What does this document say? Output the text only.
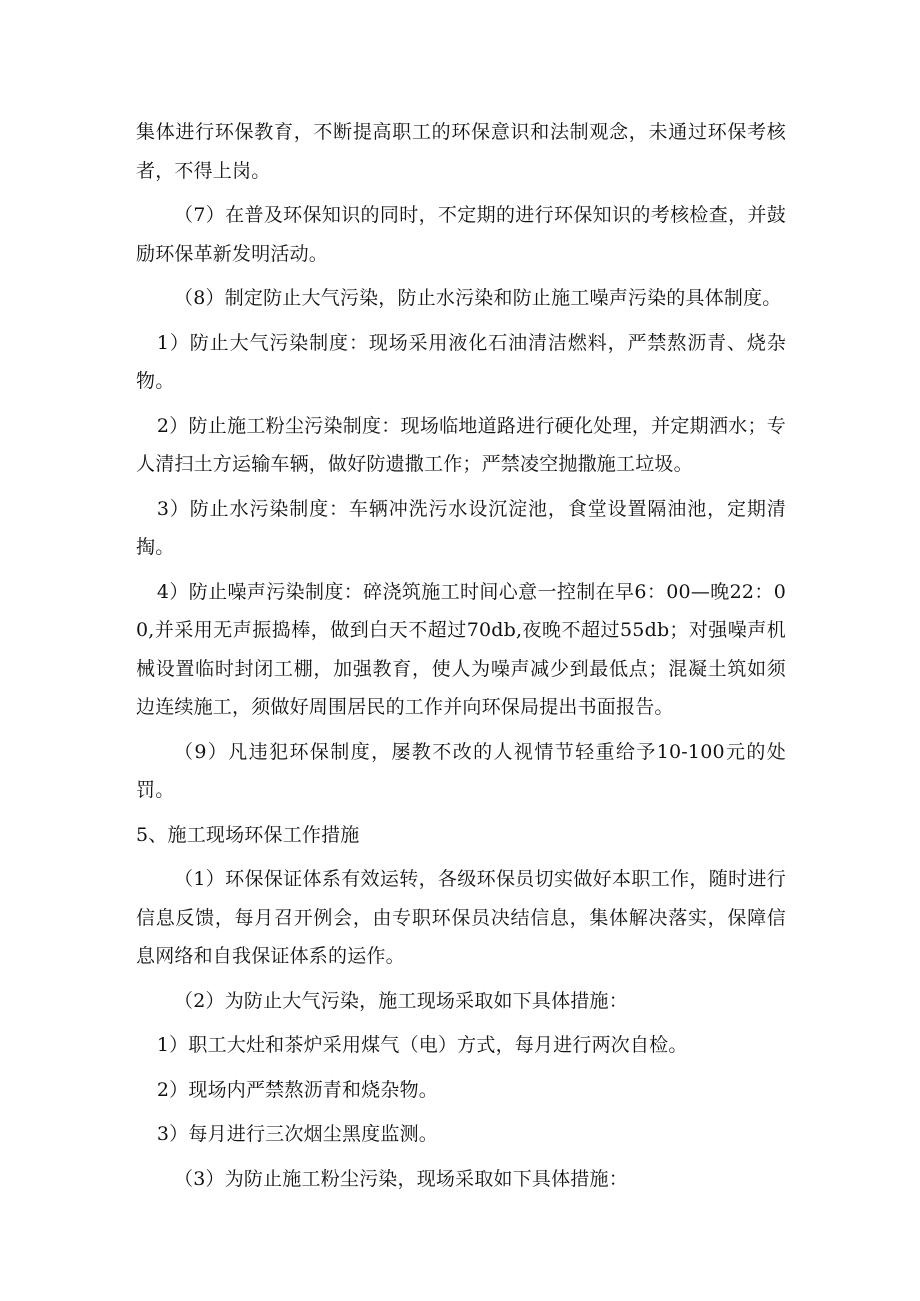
集体进行环保教育，不断提高职工的环保意识和法制观念，未通过环保考核者，不得上岗。

（7）在普及环保知识的同时，不定期的进行环保知识的考核检查，并鼓励环保革新发明活动。

（8）制定防止大气污染，防止水污染和防止施工噪声污染的具体制度。

1）防止大气污染制度：现场采用液化石油清洁燃料，严禁熬沥青、烧杂物。

2）防止施工粉尘污染制度：现场临地道路进行硬化处理，并定期洒水；专人清扫土方运输车辆，做好防遗撒工作；严禁凌空抛撒施工垃圾。

3）防止水污染制度：车辆冲洗污水设沉淀池，食堂设置隔油池，定期清掏。

4）防止噪声污染制度：碎浇筑施工时间心意一控制在早6：00—晚22：00,并采用无声振捣棒，做到白天不超过70db,夜晚不超过55db；对强噪声机械设置临时封闭工棚，加强教育，使人为噪声减少到最低点；混凝土筑如须边连续施工，须做好周围居民的工作并向环保局提出书面报告。

（9）凡违犯环保制度，屡教不改的人视情节轻重给予10-100元的处罚。

5、施工现场环保工作措施

（1）环保保证体系有效运转，各级环保员切实做好本职工作，随时进行信息反馈，每月召开例会，由专职环保员决结信息，集体解决落实，保障信息网络和自我保证体系的运作。

（2）为防止大气污染，施工现场采取如下具体措施：

1）职工大灶和茶炉采用煤气（电）方式，每月进行两次自检。

2）现场内严禁熬沥青和烧杂物。

3）每月进行三次烟尘黑度监测。

（3）为防止施工粉尘污染，现场采取如下具体措施：
